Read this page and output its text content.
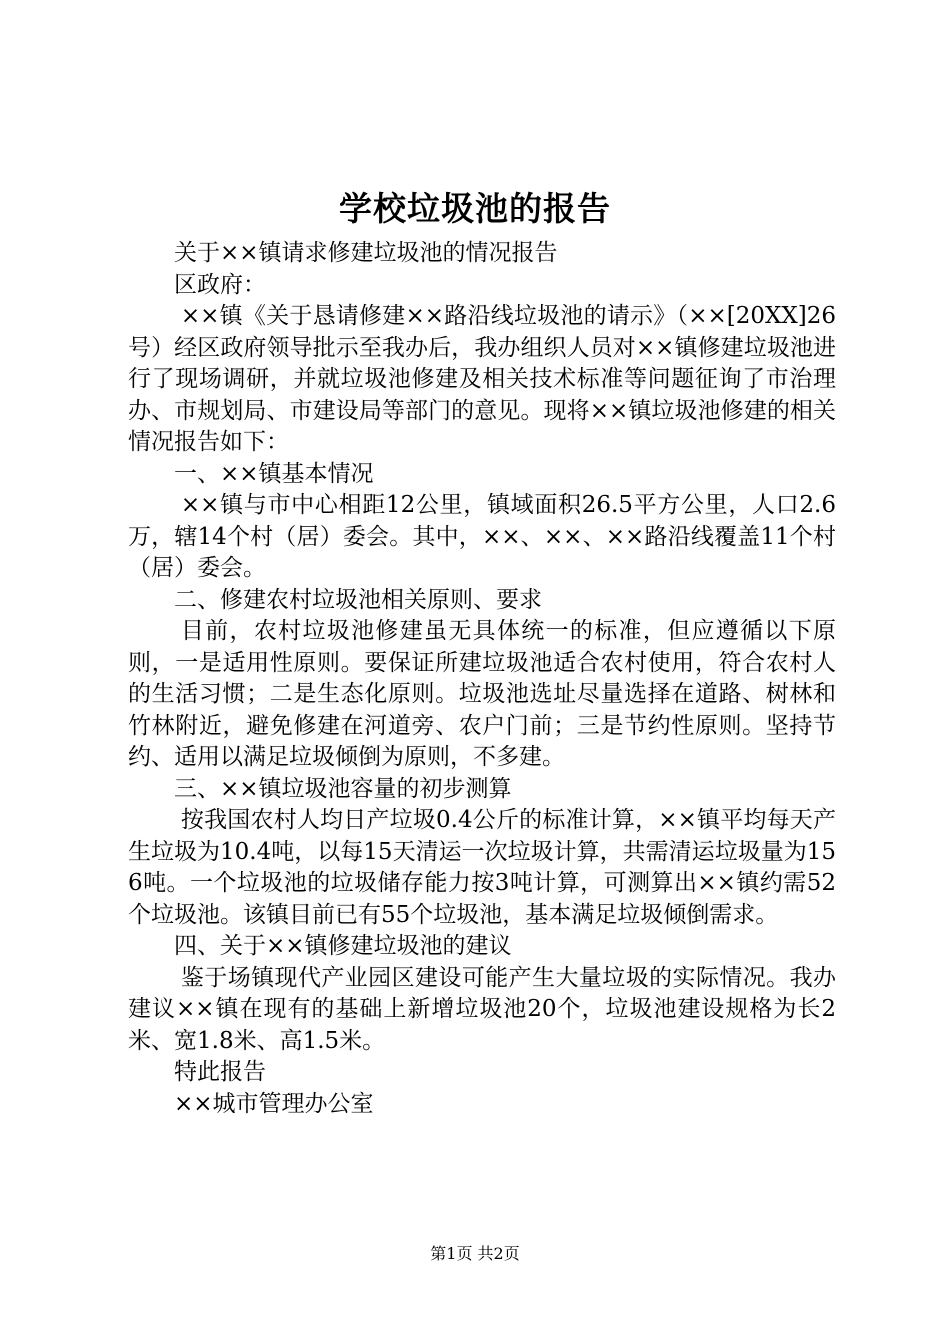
学校垃圾池的报告

关于××镇请求修建垃圾池的情况报告

区政府：

××镇《关于恳请修建××路沿线垃圾池的请示》（××[20XX]26号）经区政府领导批示至我办后，我办组织人员对××镇修建垃圾池进行了现场调研，并就垃圾池修建及相关技术标准等问题征询了市治理办、市规划局、市建设局等部门的意见。现将××镇垃圾池修建的相关情况报告如下：

一、××镇基本情况

××镇与市中心相距12公里，镇域面积26.5平方公里，人口2.6万，辖14个村（居）委会。其中，××、××、××路沿线覆盖11个村（居）委会。

二、修建农村垃圾池相关原则、要求

目前，农村垃圾池修建虽无具体统一的标准，但应遵循以下原则，一是适用性原则。要保证所建垃圾池适合农村使用，符合农村人的生活习惯；二是生态化原则。垃圾池选址尽量选择在道路、树林和竹林附近，避免修建在河道旁、农户门前；三是节约性原则。坚持节约、适用以满足垃圾倾倒为原则，不多建。

三、××镇垃圾池容量的初步测算

按我国农村人均日产垃圾0.4公斤的标准计算，××镇平均每天产生垃圾为10.4吨，以每15天清运一次垃圾计算，共需清运垃圾量为156吨。一个垃圾池的垃圾储存能力按3吨计算，可测算出××镇约需52个垃圾池。该镇目前已有55个垃圾池，基本满足垃圾倾倒需求。

四、关于××镇修建垃圾池的建议

鉴于场镇现代产业园区建设可能产生大量垃圾的实际情况。我办建议××镇在现有的基础上新增垃圾池20个，垃圾池建设规格为长2米、宽1.8米、高1.5米。

特此报告

××城市管理办公室

第1页 共2页
